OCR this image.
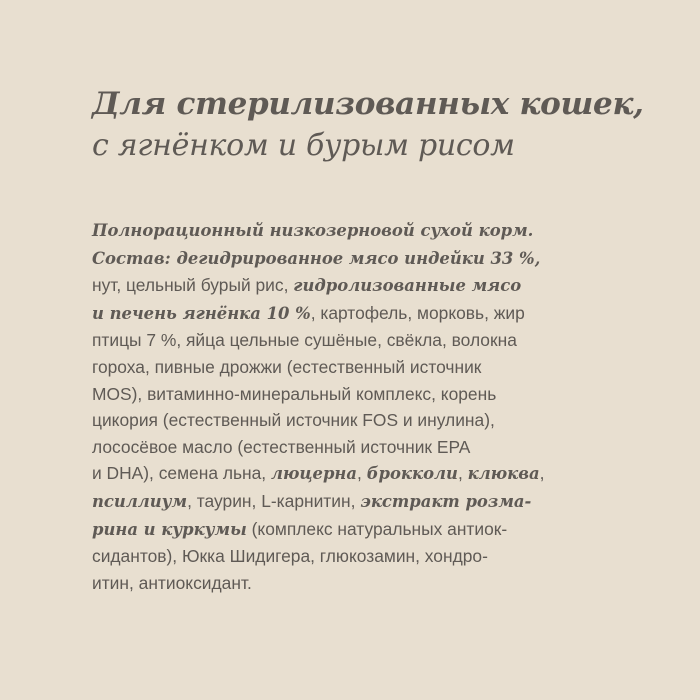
Для стерилизованных кошек,
с ягнёнком и бурым рисом
Полнорационный низкозерновой сухой корм.
Состав: дегидрированное мясо индейки 33 %,
нут, цельный бурый рис, гидролизованные мясо
и печень ягнёнка 10 %, картофель, морковь, жир
птицы 7 %, яйца цельные сушёные, свёкла, волокна
гороха, пивные дрожжи (естественный источник
MOS), витаминно-минеральный комплекс, корень
цикория (естественный источник FOS и инулина),
лососёвое масло (естественный источник EPA
и DHA), семена льна, люцерна, брокколи, клюква,
псиллиум, таурин, L-карнитин, экстракт розма-
рина и куркумы (комплекс натуральных антиок-
сидантов), Юкка Шидигера, глюкозамин, хондро-
итин, антиоксидант.
